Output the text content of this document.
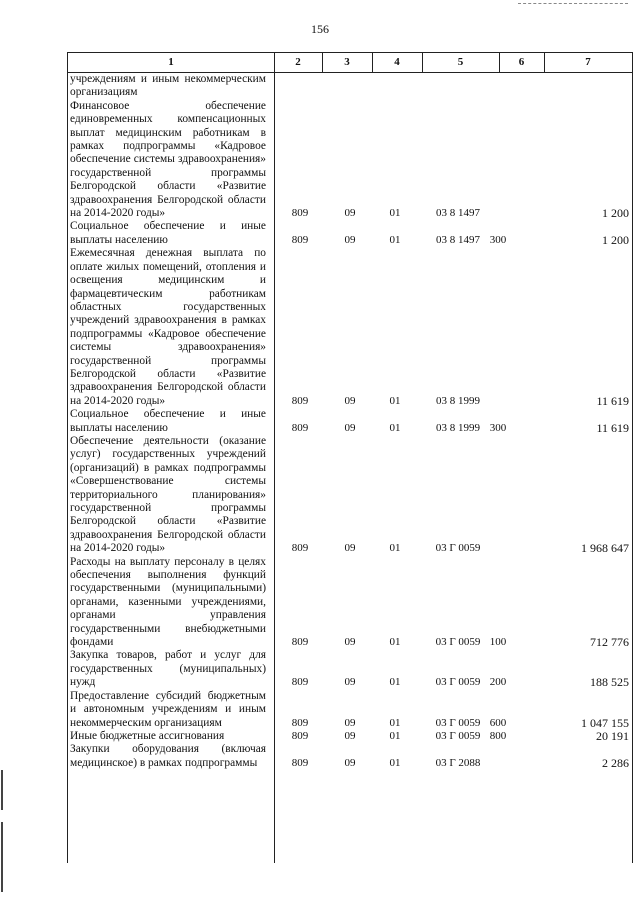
156
1	2	3	4	5	6	7
учреждениям и иным некоммерческим организациям
Финансовое обеспечение единовременных компенсационных выплат медицинским работникам в рамках подпрограммы «Кадровое обеспечение системы здравоохранения» государственной программы Белгородской области «Развитие здравоохранения Белгородской области на 2014-2020 годы»	809	09	01	03 8 1497	1 200
Социальное обеспечение и иные выплаты населению	809	09	01	03 8 1497 300	1 200
Ежемесячная денежная выплата по оплате жилых помещений, отопления и освещения медицинским и фармацевтическим работникам областных государственных учреждений здравоохранения в рамках подпрограммы «Кадровое обеспечение системы здравоохранения» государственной программы Белгородской области «Развитие здравоохранения Белгородской области на 2014-2020 годы»	809	09	01	03 8 1999	11 619
Социальное обеспечение и иные выплаты населению	809	09	01	03 8 1999 300	11 619
Обеспечение деятельности (оказание услуг) государственных учреждений (организаций) в рамках подпрограммы «Совершенствование системы территориального планирования» государственной программы Белгородской области «Развитие здравоохранения Белгородской области на 2014-2020 годы»	809	09	01	03 Г 0059	1 968 647
Расходы на выплату персоналу в целях обеспечения выполнения функций государственными (муниципальными) органами, казенными учреждениями, органами управления государственными внебюджетными фондами	809	09	01	03 Г 0059 100	712 776
Закупка товаров, работ и услуг для государственных (муниципальных) нужд	809	09	01	03 Г 0059 200	188 525
Предоставление субсидий бюджетным и автономным учреждениям и иным некоммерческим организациям	809	09	01	03 Г 0059 600	1 047 155
Иные бюджетные ассигнования	809	09	01	03 Г 0059 800	20 191
Закупки оборудования (включая медицинское) в рамках подпрограммы	809	09	01	03 Г 2088	2 286
